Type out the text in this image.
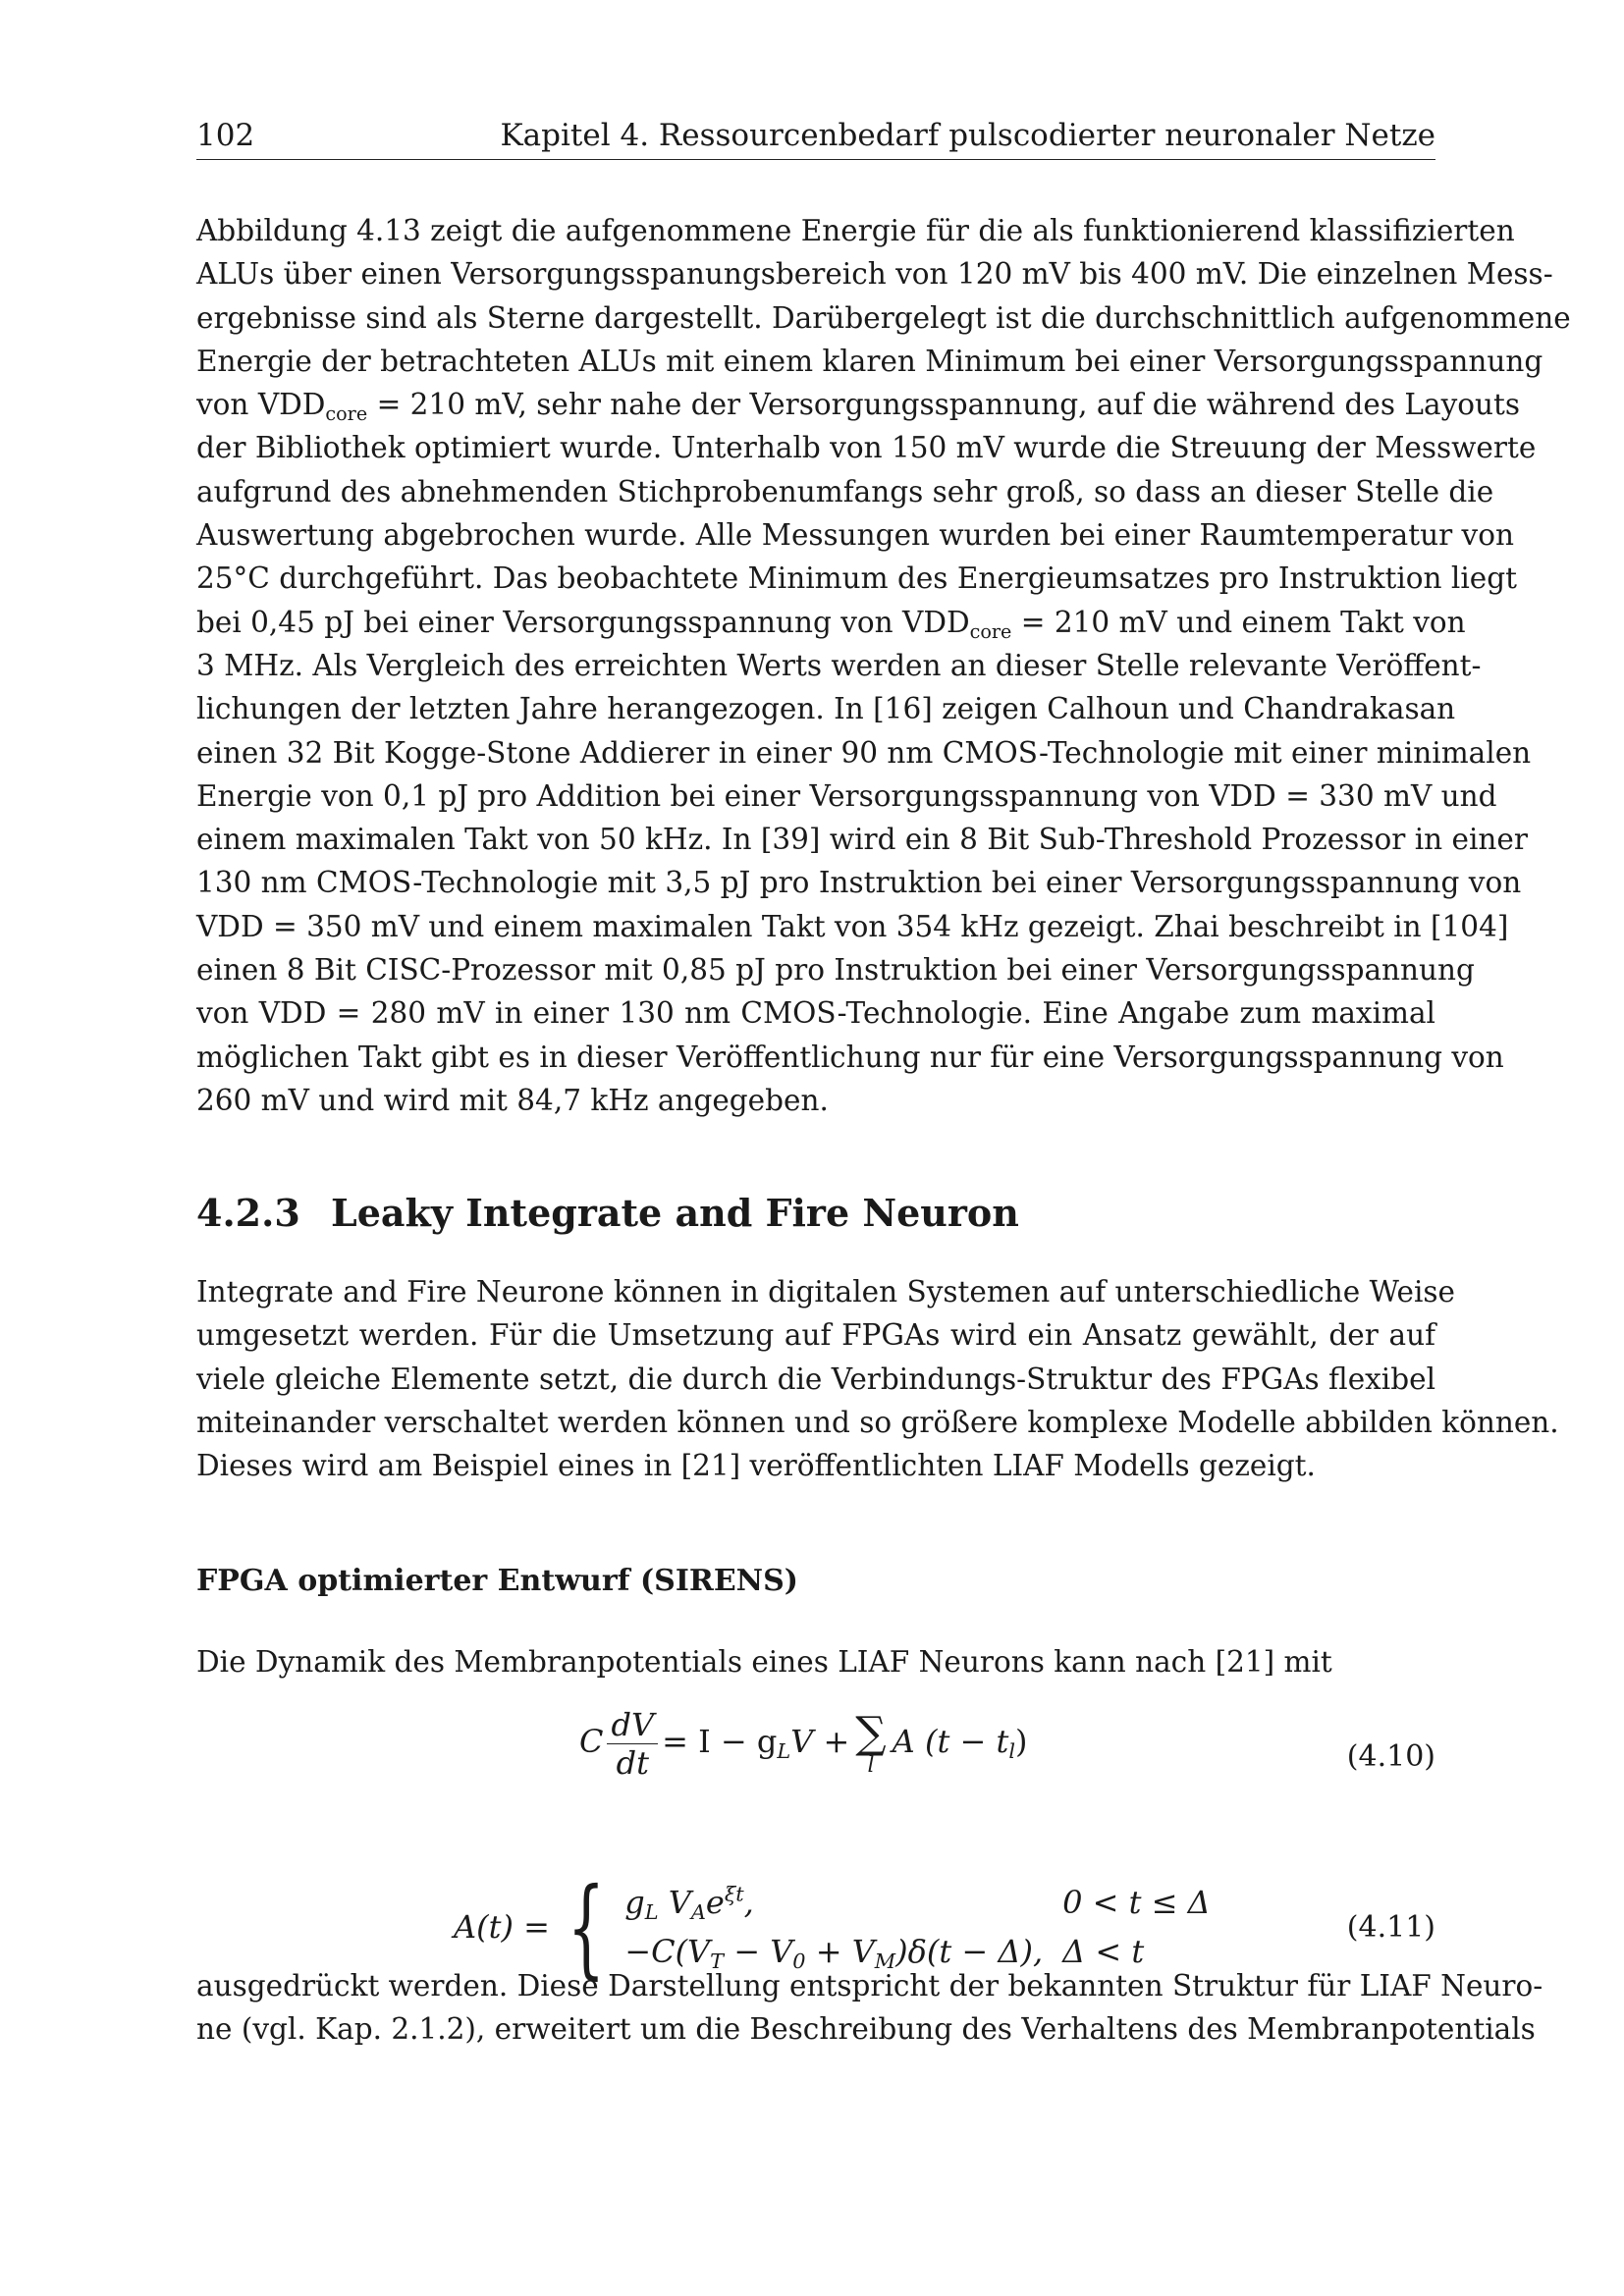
102	Kapitel 4. Ressourcenbedarf pulscodierter neuronaler Netze
Abbildung 4.13 zeigt die aufgenommene Energie für die als funktionierend klassifizierten
ALUs über einen Versorgungsspanungsbereich von 120 mV bis 400 mV. Die einzelnen Mess-
ergebnisse sind als Sterne dargestellt. Darübergelegt ist die durchschnittlich aufgenommene
Energie der betrachteten ALUs mit einem klaren Minimum bei einer Versorgungsspannung
von $VDD_{core} = 210$ mV, sehr nahe der Versorgungsspannung, auf die während des Layouts
der Bibliothek optimiert wurde. Unterhalb von 150 mV wurde die Streuung der Messwerte
aufgrund des abnehmenden Stichprobenumfangs sehr groß, so dass an dieser Stelle die
Auswertung abgebrochen wurde. Alle Messungen wurden bei einer Raumtemperatur von
25°C durchgeführt. Das beobachtete Minimum des Energieumsatzes pro Instruktion liegt
bei 0,45 pJ bei einer Versorgungsspannung von $VDD_{core} = 210$ mV und einem Takt von
3 MHz. Als Vergleich des erreichten Werts werden an dieser Stelle relevante Veröffent-
lichungen der letzten Jahre herangezogen. In [16] zeigen Calhoun und Chandrakasan
einen 32 Bit Kogge-Stone Addierer in einer 90 nm CMOS-Technologie mit einer minimalen
Energie von 0,1 pJ pro Addition bei einer Versorgungsspannung von VDD = 330 mV und
einem maximalen Takt von 50 kHz. In [39] wird ein 8 Bit Sub-Threshold Prozessor in einer
130 nm CMOS-Technologie mit 3,5 pJ pro Instruktion bei einer Versorgungsspannung von
VDD = 350 mV und einem maximalen Takt von 354 kHz gezeigt. Zhai beschreibt in [104]
einen 8 Bit CISC-Prozessor mit 0,85 pJ pro Instruktion bei einer Versorgungsspannung
von VDD = 280 mV in einer 130 nm CMOS-Technologie. Eine Angabe zum maximal
möglichen Takt gibt es in dieser Veröffentlichung nur für eine Versorgungsspannung von
260 mV und wird mit 84,7 kHz angegeben.
4.2.3 Leaky Integrate and Fire Neuron
Integrate and Fire Neurone können in digitalen Systemen auf unterschiedliche Weise
umgesetzt werden. Für die Umsetzung auf FPGAs wird ein Ansatz gewählt, der auf
viele gleiche Elemente setzt, die durch die Verbindungs-Struktur des FPGAs flexibel
miteinander verschaltet werden können und so größere komplexe Modelle abbilden können.
Dieses wird am Beispiel eines in [21] veröffentlichten LIAF Modells gezeigt.
FPGA optimierter Entwurf (SIRENS)
Die Dynamik des Membranpotentials eines LIAF Neurons kann nach [21] mit
C $\frac{dV}{dt} = I - g_LV$ + ∑
l
A $(t - t_l)$	(4.10)
A(t) = { $g_L$ $V_Ae^{\xi t}$,	0 < t ≤ Δ
$-C(V_T - V_0 + V_M)\delta(t - \Delta)$,	Δ < t
(4.11)
ausgedrückt werden. Diese Darstellung entspricht der bekannten Struktur für LIAF Neuro-
ne (vgl. Kap. 2.1.2), erweitert um die Beschreibung des Verhaltens des Membranpotentials
